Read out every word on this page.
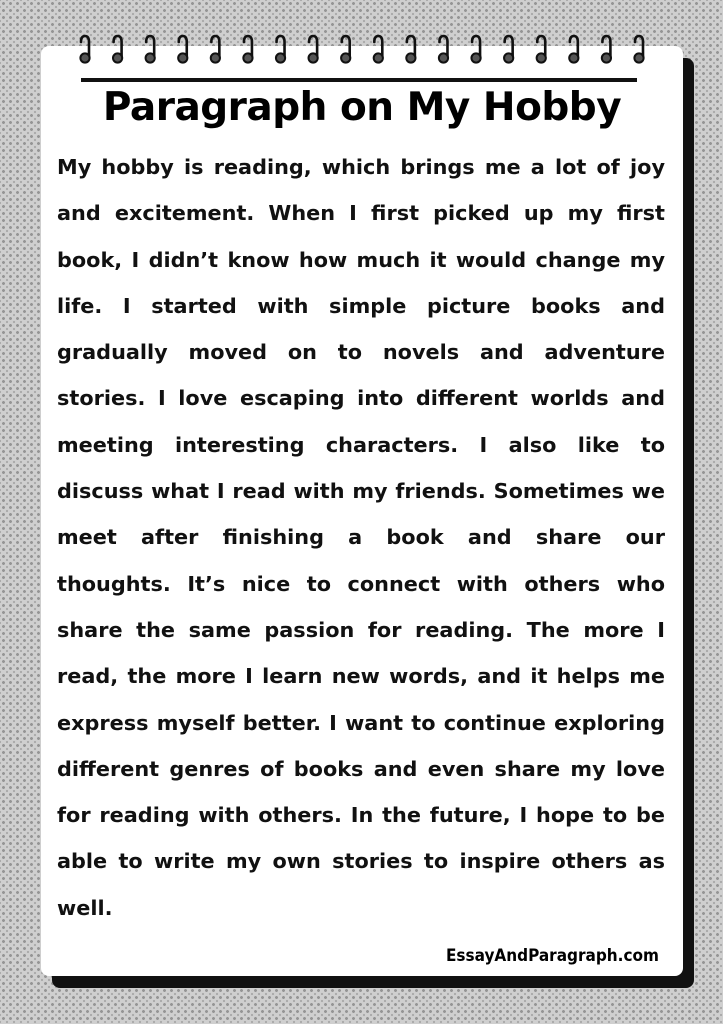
Paragraph on My Hobby

My hobby is reading, which brings me a lot of joy and excitement. When I first picked up my first book, I didn’t know how much it would change my life. I started with simple picture books and gradually moved on to novels and adventure stories. I love escaping into different worlds and meeting interesting characters. I also like to discuss what I read with my friends. Sometimes we meet after finishing a book and share our thoughts. It’s nice to connect with others who share the same passion for reading. The more I read, the more I learn new words, and it helps me express myself better. I want to continue exploring different genres of books and even share my love for reading with others. In the future, I hope to be able to write my own stories to inspire others as well.

EssayAndParagraph.com
